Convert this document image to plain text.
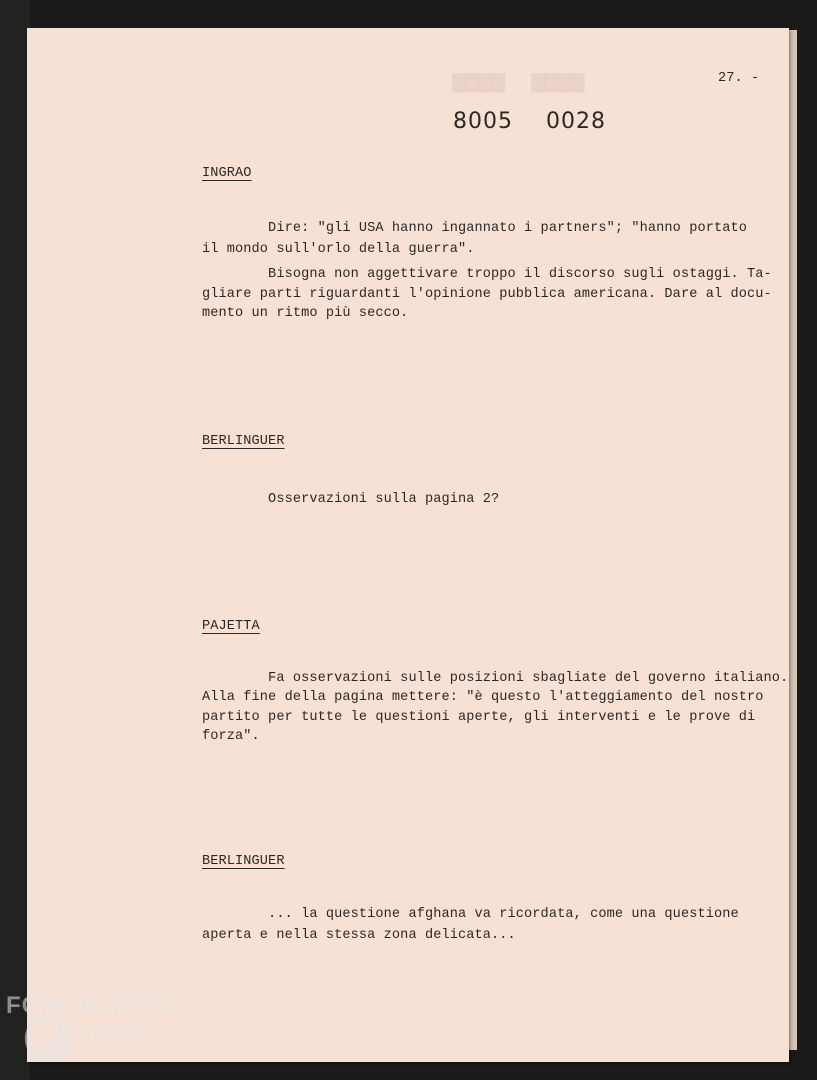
▆▆▆▆  ▆▆▆▆	27. -

8005 0028

INGRAO

Dire: "gli USA hanno ingannato i partners"; "hanno portato

il mondo sull'orlo della guerra".

Bisogna non aggettivare troppo il discorso sugli ostaggi. Ta-

gliare parti riguardanti l'opinione pubblica americana. Dare al docu-

mento un ritmo più secco.

BERLINGUER

Osservazioni sulla pagina 2?

PAJETTA

Fa osservazioni sulle posizioni sbagliate del governo italiano.

Alla fine della pagina mettere: "è questo l'atteggiamento del nostro

partito per tutte le questioni aperte, gli interventi e le prove di

forza".

BERLINGUER

... la questione afghana va ricordata, come una questione

aperta e nella stessa zona delicata...

FONDAZIONE

RAMSCI
